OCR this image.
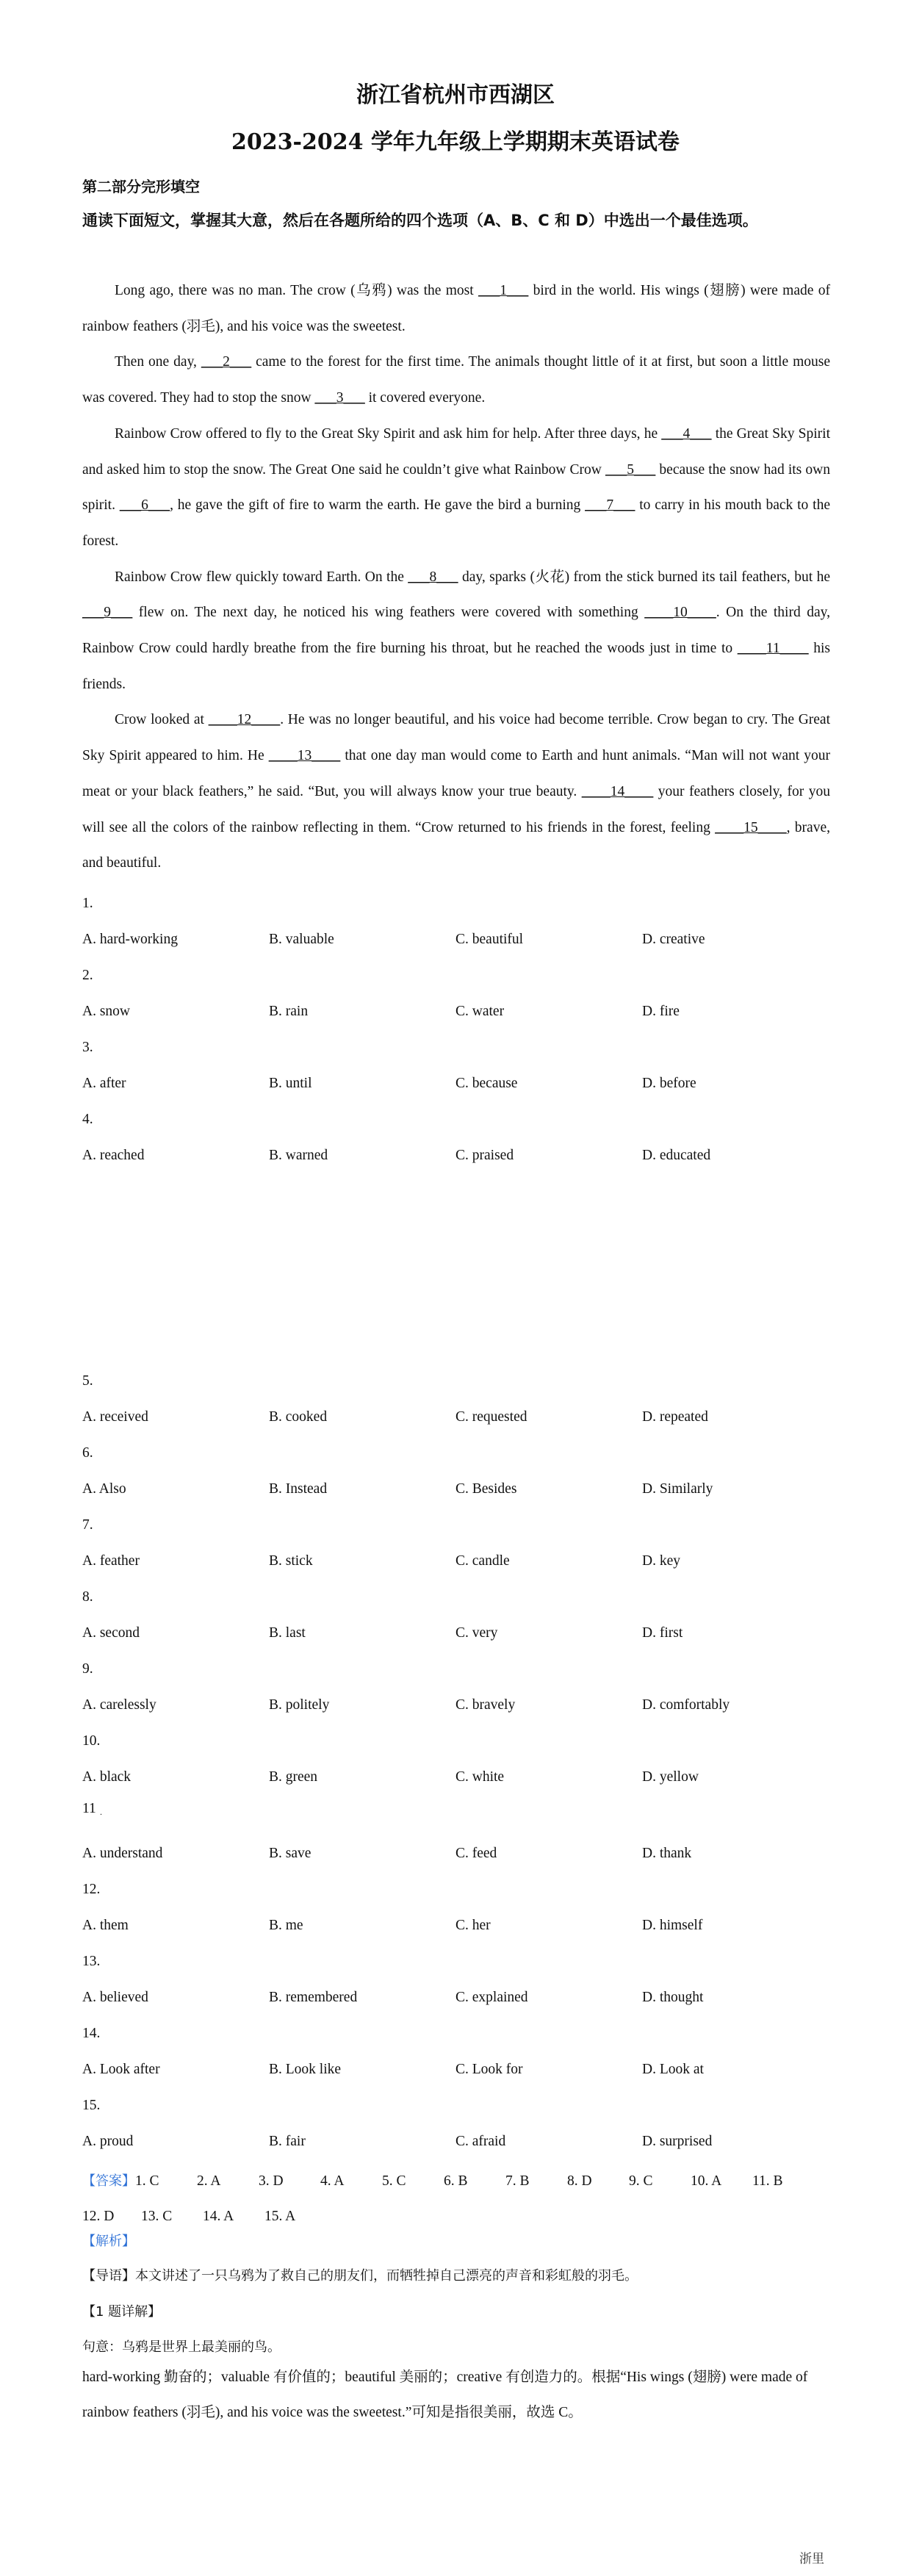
浙江省杭州市西湖区
2023-2024 学年九年级上学期期末英语试卷
第二部分完形填空
通读下面短文，掌握其大意，然后在各题所给的四个选项（A、B、C 和 D）中选出一个最佳选项。

Long ago, there was no man. The crow (乌鸦) was the most ___1___ bird in the world. His wings (翅膀) were made of rainbow feathers (羽毛), and his voice was the sweetest.

Then one day, ___2___ came to the forest for the first time. The animals thought little of it at first, but soon a little mouse was covered. They had to stop the snow ___3___ it covered everyone.

Rainbow Crow offered to fly to the Great Sky Spirit and ask him for help. After three days, he ___4___ the Great Sky Spirit and asked him to stop the snow. The Great One said he couldn’t give what Rainbow Crow ___5___ because the snow had its own spirit. ___6___, he gave the gift of fire to warm the earth. He gave the bird a burning ___7___ to carry in his mouth back to the forest.

Rainbow Crow flew quickly toward Earth. On the ___8___ day, sparks (火花) from the stick burned its tail feathers, but he ___9___ flew on. The next day, he noticed his wing feathers were covered with something ____10____. On the third day, Rainbow Crow could hardly breathe from the fire burning his throat, but he reached the woods just in time to ____11____ his friends.

Crow looked at ____12____. He was no longer beautiful, and his voice had become terrible. Crow began to cry. The Great Sky Spirit appeared to him. He ____13____ that one day man would come to Earth and hunt animals. “Man will not want your meat or your black feathers,” he said. “But, you will always know your true beauty. ____14____ your feathers closely, for you will see all the colors of the rainbow reflecting in them. “Crow returned to his friends in the forest, feeling ____15____, brave, and beautiful.

1.
A. hard-working	B. valuable	C. beautiful	D. creative
2.
A. snow	B. rain	C. water	D. fire
3.
A. after	B. until	C. because	D. before
4.
A. reached	B. warned	C. praised	D. educated
5.
A. received	B. cooked	C. requested	D. repeated
6.
A. Also	B. Instead	C. Besides	D. Similarly
7.
A. feather	B. stick	C. candle	D. key
8.
A. second	B. last	C. very	D. first
9.
A. carelessly	B. politely	C. bravely	D. comfortably
10.
A. black	B. green	C. white	D. yellow
11 .
A. understand	B. save	C. feed	D. thank
12.
A. them	B. me	C. her	D. himself
13.
A. believed	B. remembered	C. explained	D. thought
14.
A. Look after	B. Look like	C. Look for	D. Look at
15.
A. proud	B. fair	C. afraid	D. surprised
【答案】1. C	2. A	3. D	4. A	5. C	6. B	7. B	8. D	9. C	10. A 11. B12. D 13. C 14. A 15. A
【解析】
【导语】本文讲述了一只乌鸦为了救自己的朋友们，而牺牲掉自己漂亮的声音和彩虹般的羽毛。
【1 题详解】
句意：乌鸦是世界上最美丽的鸟。
hard-working 勤奋的；valuable 有价值的；beautiful 美丽的；creative 有创造力的。根据“His wings (翅膀) were made of rainbow feathers (羽毛), and his voice was the sweetest.”可知是指很美丽，故选 C。
浙里
